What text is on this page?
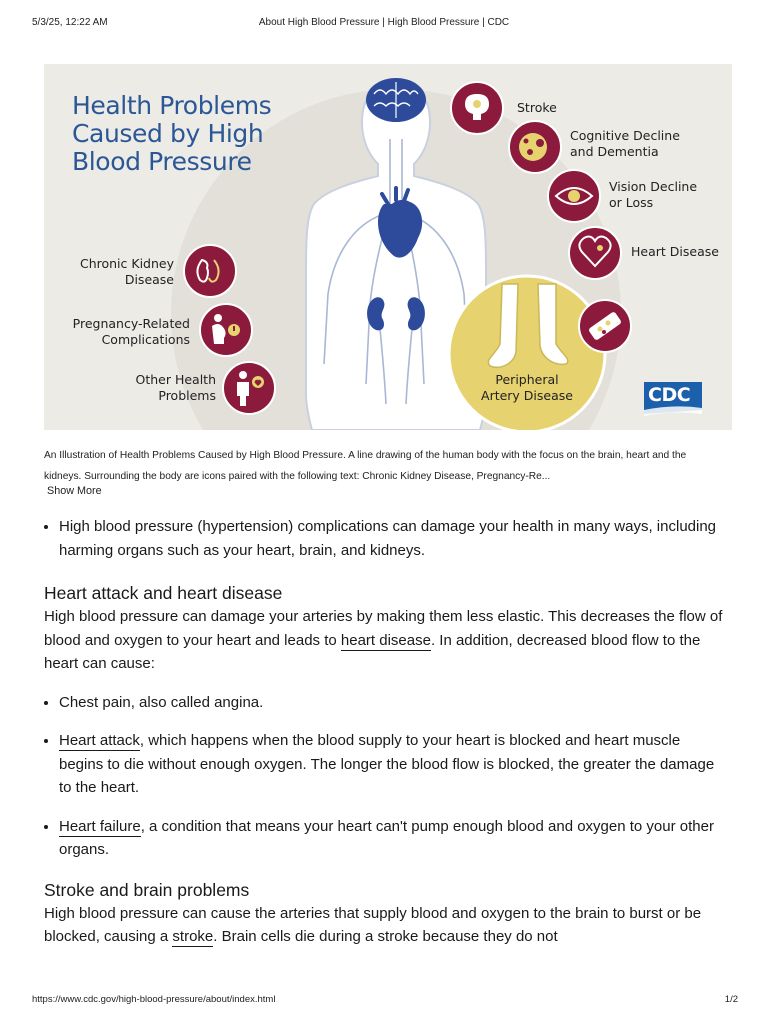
5/3/25, 12:22 AM	About High Blood Pressure | High Blood Pressure | CDC
Health Problems Caused by High Blood Pressure
Stroke
Cognitive Decline and Dementia
Vision Decline or Loss
Heart Disease
Chronic Kidney Disease
Pregnancy-Related Complications
Other Health Problems
Peripheral Artery Disease	CDC
An Illustration of Health Problems Caused by High Blood Pressure. A line drawing of the human body with the focus on the brain, heart and the kidneys. Surrounding the body are icons paired with the following text: Chronic Kidney Disease, Pregnancy-Re...
Show More
• High blood pressure (hypertension) complications can damage your health in many ways, including harming organs such as your heart, brain, and kidneys.
Heart attack and heart disease

High blood pressure can damage your arteries by making them less elastic. This decreases the flow of blood and oxygen to your heart and leads to heart disease. In addition, decreased blood flow to the heart can cause:

• Chest pain, also called angina.
• Heart attack, which happens when the blood supply to your heart is blocked and heart muscle begins to die without enough oxygen. The longer the blood flow is blocked, the greater the damage to the heart.
• Heart failure, a condition that means your heart can't pump enough blood and oxygen to your other organs.
Stroke and brain problems

High blood pressure can cause the arteries that supply blood and oxygen to the brain to burst or be blocked, causing a stroke. Brain cells die during a stroke because they do not

https://www.cdc.gov/high-blood-pressure/about/index.html	1/2
